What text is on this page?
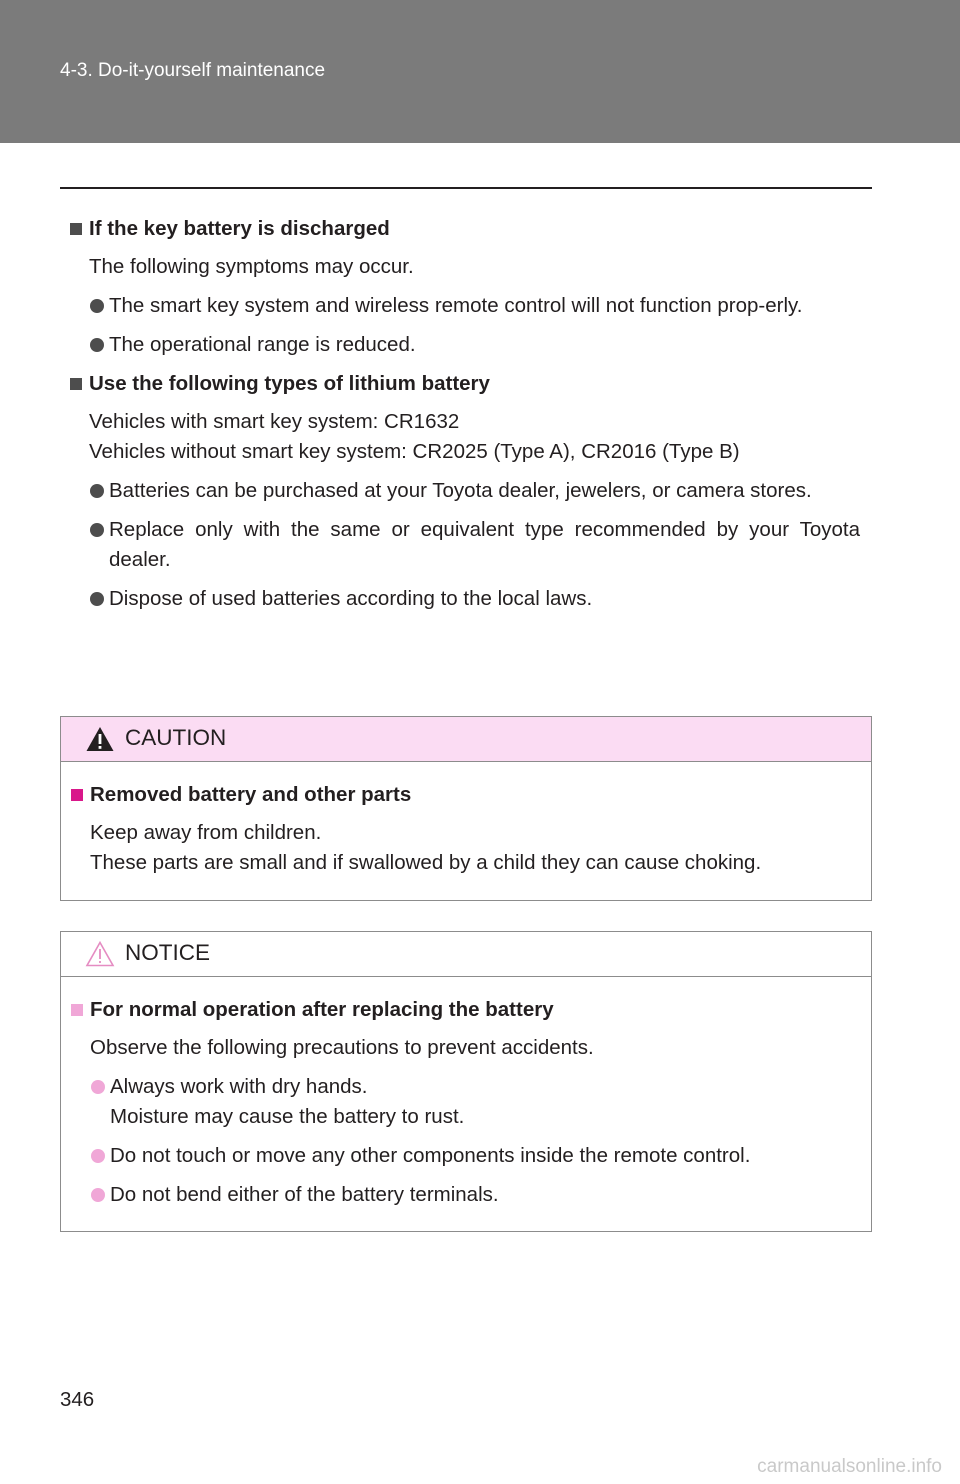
4-3. Do-it-yourself maintenance
If the key battery is discharged
The following symptoms may occur.
The smart key system and wireless remote control will not function prop-erly.
The operational range is reduced.
Use the following types of lithium battery
Vehicles with smart key system: CR1632
Vehicles without smart key system: CR2025 (Type A), CR2016 (Type B)
Batteries can be purchased at your Toyota dealer, jewelers, or camera stores.
Replace only with the same or equivalent type recommended by your Toyota dealer.
Dispose of used batteries according to the local laws.
CAUTION
Removed battery and other parts
Keep away from children.
These parts are small and if swallowed by a child they can cause choking.
NOTICE
For normal operation after replacing the battery
Observe the following precautions to prevent accidents.
Always work with dry hands.
Moisture may cause the battery to rust.
Do not touch or move any other components inside the remote control.
Do not bend either of the battery terminals.
346
carmanualsonline.info
